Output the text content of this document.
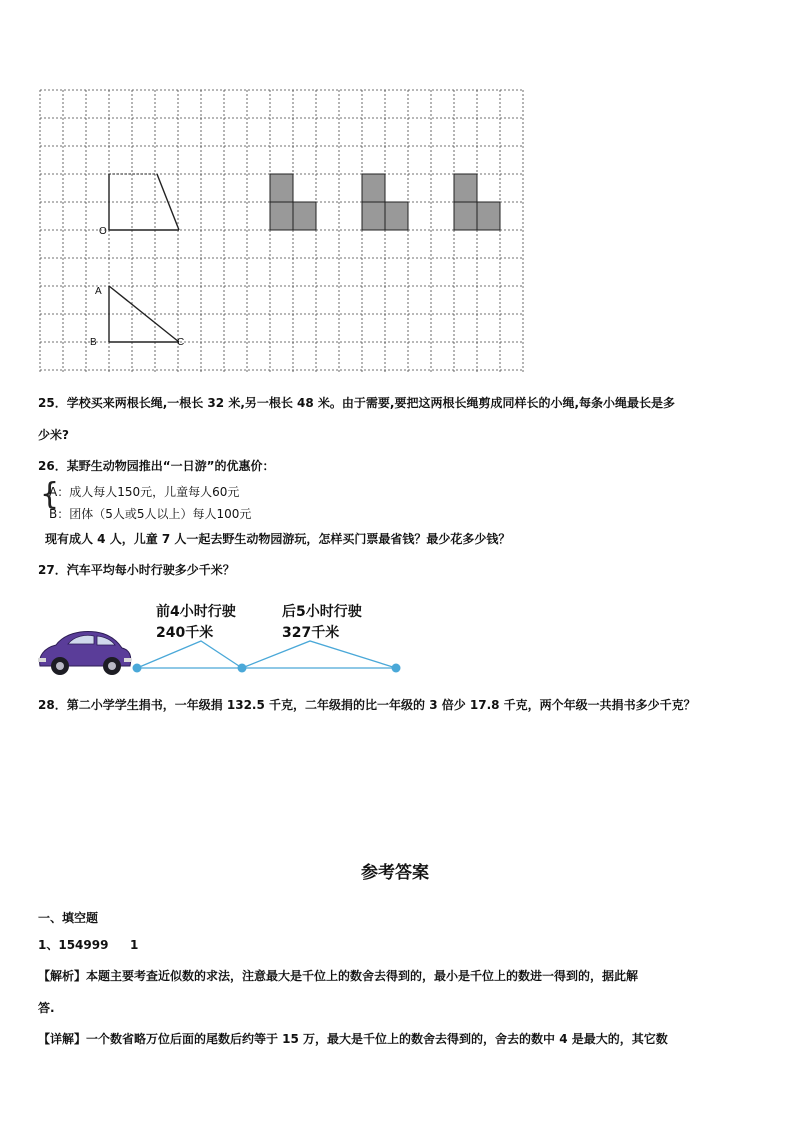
O
A
B	C
25．学校买来两根长绳,一根长 32 米,另一根长 48 米。由于需要,要把这两根长绳剪成同样长的小绳,每条小绳最长是多
少米?
26．某野生动物园推出“一日游”的优惠价：
{
A：成人每人150元，儿童每人60元
B：团体（5人或5人以上）每人100元
现有成人 4 人，儿童 7 人一起去野生动物园游玩，怎样买门票最省钱？最少花多少钱？
27．汽车平均每小时行驶多少千米？
前4小时行驶
240千米
后5小时行驶
327千米
28．第二小学学生捐书，一年级捐 132.5 千克，二年级捐的比一年级的 3 倍少 17.8 千克，两个年级一共捐书多少千克？
参考答案
一、填空题
1、154999 1
【解析】本题主要考查近似数的求法，注意最大是千位上的数舍去得到的，最小是千位上的数进一得到的，据此解
答.
【详解】一个数省略万位后面的尾数后约等于 15 万，最大是千位上的数舍去得到的，舍去的数中 4 是最大的，其它数
